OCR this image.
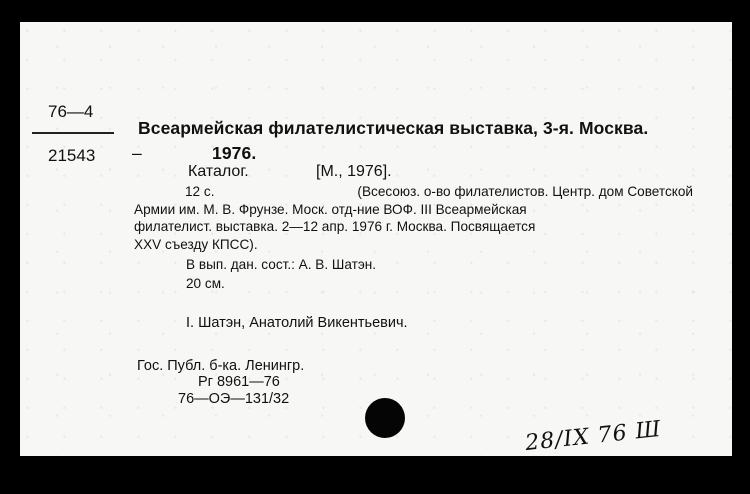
76—4
21543
Всеармейская филателистическая выставка, 3-я. Москва.
–	1976.
Каталог.	[М., 1976].
12 с.	(Всесоюз. о-во филателистов. Центр. дом Советской
Армии им. М. В. Фрунзе. Моск. отд-ние ВОФ. III Всеармейская
филателист. выставка. 2—12 апр. 1976 г. Москва. Посвящается
XXV съезду КПСС).
В вып. дан. сост.: А. В. Шатэн.
20 см.
I. Шатэн, Анатолий Викентьевич.
Гос. Публ. б-ка. Ленингр.
Рг 8961—76
76—ОЭ—131/32
28/IX 76 Ш
